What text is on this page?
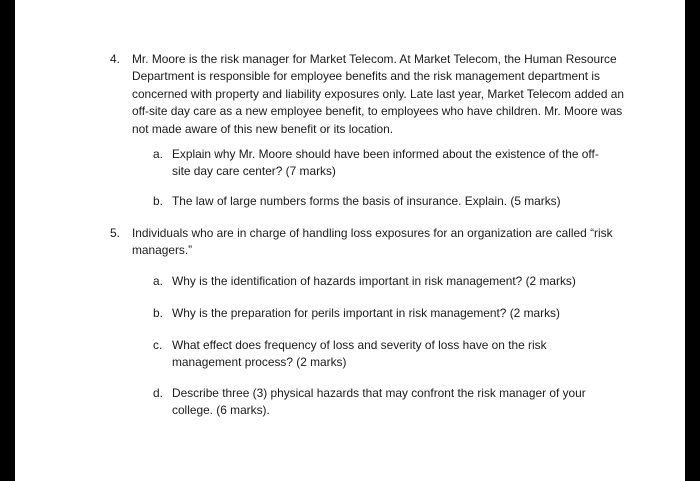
4.	Mr. Moore is the risk manager for Market Telecom. At Market Telecom, the Human Resource Department is responsible for employee benefits and the risk management department is concerned with property and liability exposures only. Late last year, Market Telecom added an off-site day care as a new employee benefit, to employees who have children. Mr. Moore was not made aware of this new benefit or its location.
a. Explain why Mr. Moore should have been informed about the existence of the off-site day care center? (7 marks)
b. The law of large numbers forms the basis of insurance. Explain. (5 marks)
5.	Individuals who are in charge of handling loss exposures for an organization are called “risk managers.”
a. Why is the identification of hazards important in risk management? (2 marks)
b. Why is the preparation for perils important in risk management? (2 marks)
c. What effect does frequency of loss and severity of loss have on the risk management process? (2 marks)
d. Describe three (3) physical hazards that may confront the risk manager of your college. (6 marks).
